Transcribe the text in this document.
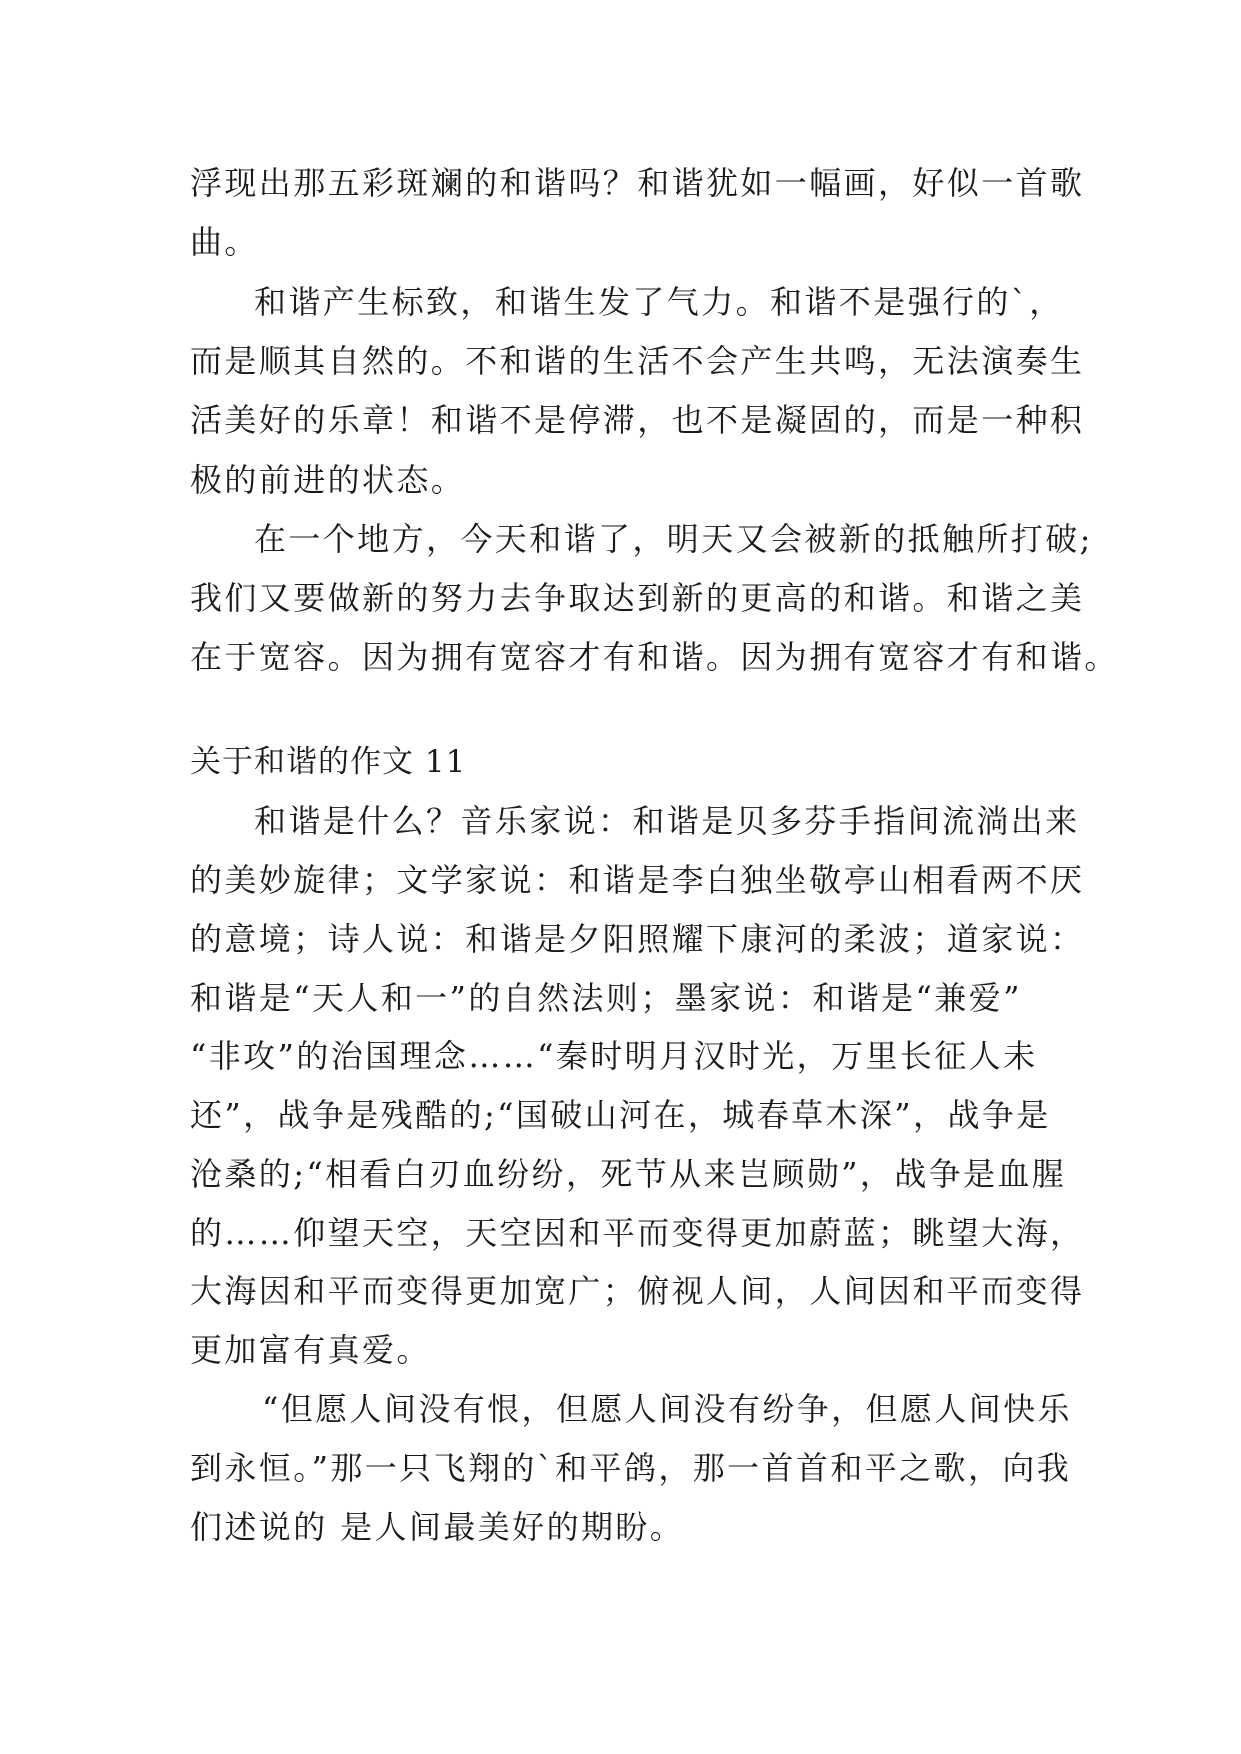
浮现出那五彩斑斓的和谐吗？和谐犹如一幅画，好似一首歌
曲。
和谐产生标致，和谐生发了气力。和谐不是强行的`，
而是顺其自然的。不和谐的生活不会产生共鸣，无法演奏生
活美好的乐章！和谐不是停滞，也不是凝固的，而是一种积
极的前进的状态。
在一个地方，今天和谐了，明天又会被新的抵触所打破;
我们又要做新的努力去争取达到新的更高的和谐。和谐之美
在于宽容。因为拥有宽容才有和谐。因为拥有宽容才有和谐。
关于和谐的作文 11
和谐是什么？音乐家说：和谐是贝多芬手指间流淌出来
的美妙旋律；文学家说：和谐是李白独坐敬亭山相看两不厌
的意境；诗人说：和谐是夕阳照耀下康河的柔波；道家说：
和谐是“天人和一”的自然法则；墨家说：和谐是“兼爱”
“非攻”的治国理念……“秦时明月汉时光，万里长征人未
还”，战争是残酷的;“国破山河在，城春草木深”，战争是
沧桑的;“相看白刃血纷纷，死节从来岂顾勋”，战争是血腥
的……仰望天空，天空因和平而变得更加蔚蓝；眺望大海，
大海因和平而变得更加宽广；俯视人间，人间因和平而变得
更加富有真爱。
“但愿人间没有恨，但愿人间没有纷争，但愿人间快乐
到永恒。”那一只飞翔的`和平鸽，那一首首和平之歌，向我
们述说的 是人间最美好的期盼。
